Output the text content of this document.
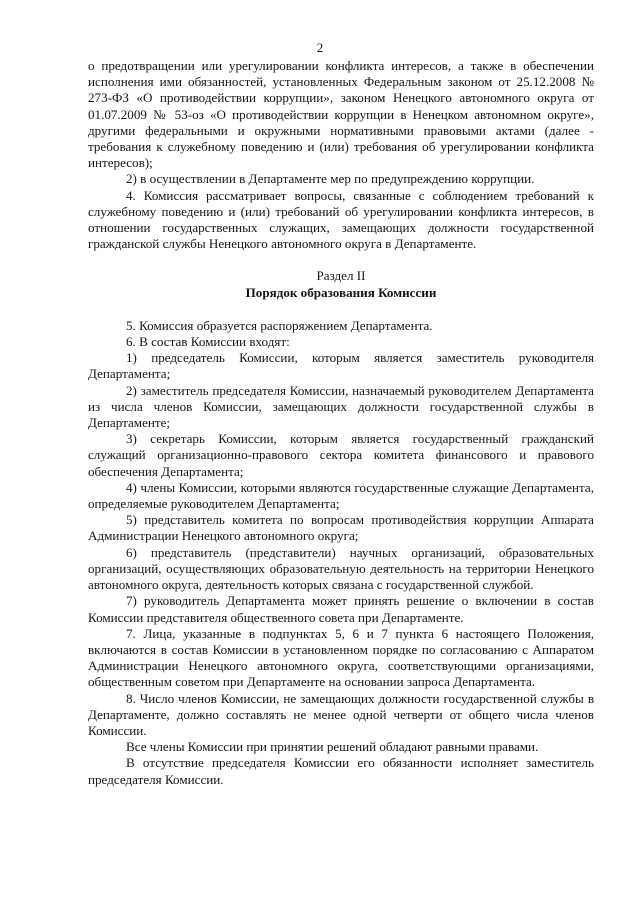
2

о предотвращении или урегулировании конфликта интересов, а также в обеспечении исполнения ими обязанностей, установленных Федеральным законом от 25.12.2008 № 273-ФЗ «О противодействии коррупции», законом Ненецкого автономного округа от 01.07.2009 № 53-оз «О противодействии коррупции в Ненецком автономном округе», другими федеральными и окружными нормативными правовыми актами (далее - требования к служебному поведению и (или) требования об урегулировании конфликта интересов);

2) в осуществлении в Департаменте мер по предупреждению коррупции.

4. Комиссия рассматривает вопросы, связанные с соблюдением требований к служебному поведению и (или) требований об урегулировании конфликта интересов, в отношении государственных служащих, замещающих должности государственной гражданской службы Ненецкого автономного округа в Департаменте.

Раздел II

Порядок образования Комиссии

5. Комиссия образуется распоряжением Департамента.

6. В состав Комиссии входят:

1) председатель Комиссии, которым является заместитель руководителя Департамента;

2) заместитель председателя Комиссии, назначаемый руководителем Департамента из числа членов Комиссии, замещающих должности государственной службы в Департаменте;

3) секретарь Комиссии, которым является государственный гражданский служащий организационно-правового сектора комитета финансового и правового обеспечения Департамента;

4) члены Комиссии, которыми являются государственные служащие Департамента, определяемые руководителем Департамента;

5) представитель комитета по вопросам противодействия коррупции Аппарата Администрации Ненецкого автономного округа;

6) представитель (представители) научных организаций, образовательных организаций, осуществляющих образовательную деятельность на территории Ненецкого автономного округа, деятельность которых связана с государственной службой.

7) руководитель Департамента может принять решение о включении в состав Комиссии представителя общественного совета при Департаменте.

7. Лица, указанные в подпунктах 5, 6 и 7 пункта 6 настоящего Положения, включаются в состав Комиссии в установленном порядке по согласованию с Аппаратом Администрации Ненецкого автономного округа, соответствующими организациями, общественным советом при Департаменте на основании запроса Департамента.

8. Число членов Комиссии, не замещающих должности государственной службы в Департаменте, должно составлять не менее одной четверти от общего числа членов Комиссии.

Все члены Комиссии при принятии решений обладают равными правами.

В отсутствие председателя Комиссии его обязанности исполняет заместитель председателя Комиссии.
